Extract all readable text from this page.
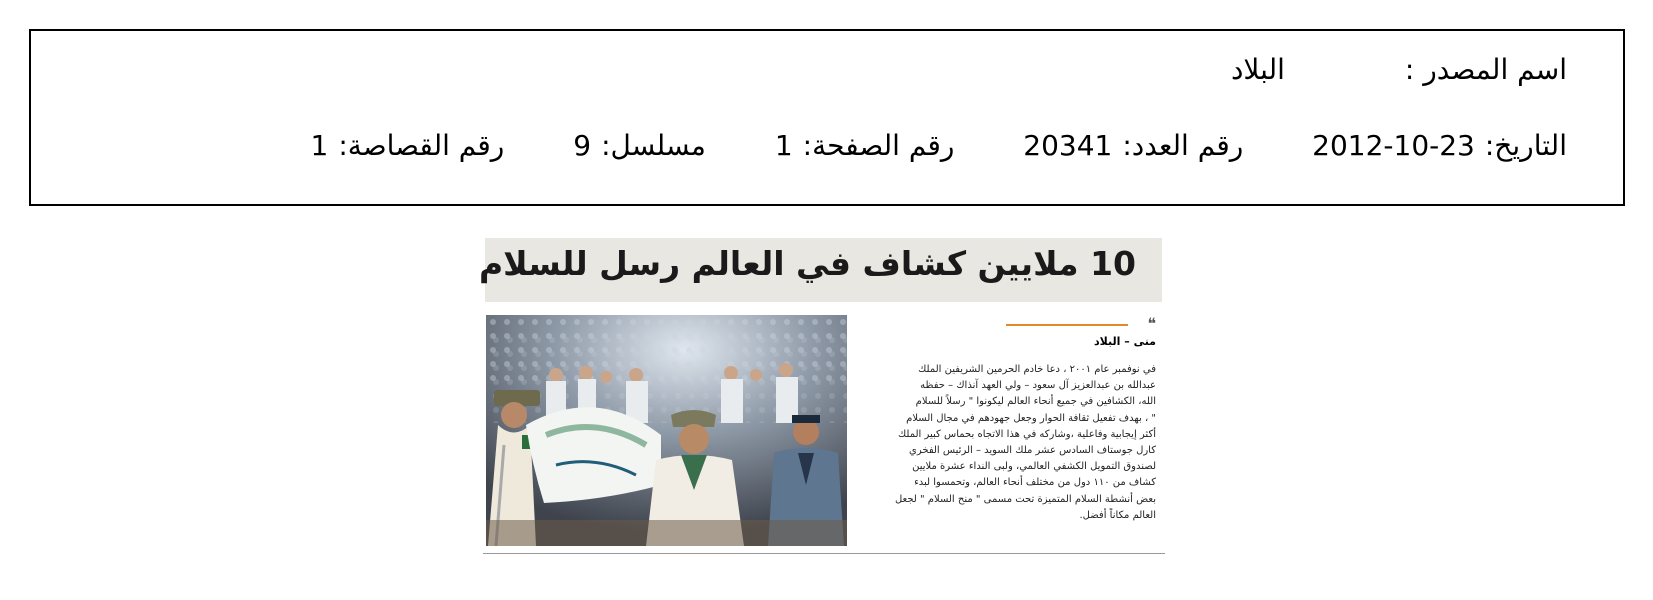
اسم المصدر :البلاد
التاريخ:2012-10-23 رقم العدد:20341 رقم الصفحة:1 مسلسل:9 رقم القصاصة:1
10 ملايين كشاف في العالم رسل للسلام
❝
منى – البلاد
في نوفمبر عام ٢٠٠١ ، دعا خادم الحرمين الشريفين الملك
عبدالله بن عبدالعزيز آل سعود – ولي العهد آنذاك – حفظه
الله، الكشافين في جميع أنحاء العالم ليكونوا " رسلاً للسلام
" ، بهدف تفعيل ثقافة الحوار وجعل جهودهم في مجال السلام
أكثر إيجابية وفاعلية ،وشاركه في هذا الاتجاه بحماس كبير الملك
كارل جوستاف السادس عشر ملك السويد – الرئيس الفخري
لصندوق التمويل الكشفي العالمي، ولبى النداء عشرة ملايين
كشاف من ١١٠ دول من مختلف أنحاء العالم، وتحمسوا لبدء
بعض أنشطة السلام المتميزة تحت مسمى " منح السلام " لجعل
العالم مكاناً أفضل.
